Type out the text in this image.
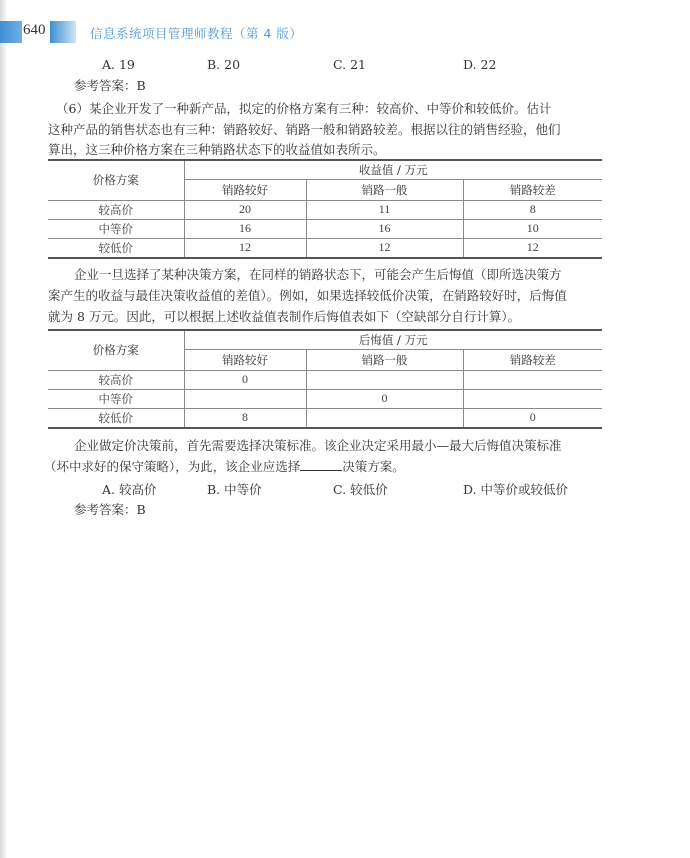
640	信息系统项目管理师教程（第 4 版）
A. 19	B. 20	C. 21	D. 22
参考答案：B
（6）某企业开发了一种新产品，拟定的价格方案有三种：较高价、中等价和较低价。估计
这种产品的销售状态也有三种：销路较好、销路一般和销路较差。根据以往的销售经验，他们
算出，这三种价格方案在三种销路状态下的收益值如表所示。
价格方案	收益值 / 万元		
	销路较好	销路一般	销路较差
较高价	20	11	8
中等价	16	16	10
较低价	12	12	12
企业一旦选择了某种决策方案，在同样的销路状态下，可能会产生后悔值（即所选决策方
案产生的收益与最佳决策收益值的差值）。例如，如果选择较低价决策，在销路较好时，后悔值
就为 8 万元。因此，可以根据上述收益值表制作后悔值表如下（空缺部分自行计算）。
价格方案	后悔值 / 万元		
	销路较好	销路一般	销路较差
较高价	0		
中等价		0	
较低价	8		0
企业做定价决策前，首先需要选择决策标准。该企业决定采用最小—最大后悔值决策标准
（坏中求好的保守策略），为此，该企业应选择	决策方案。
A. 较高价	B. 中等价	C. 较低价	D. 中等价或较低价
参考答案：B
